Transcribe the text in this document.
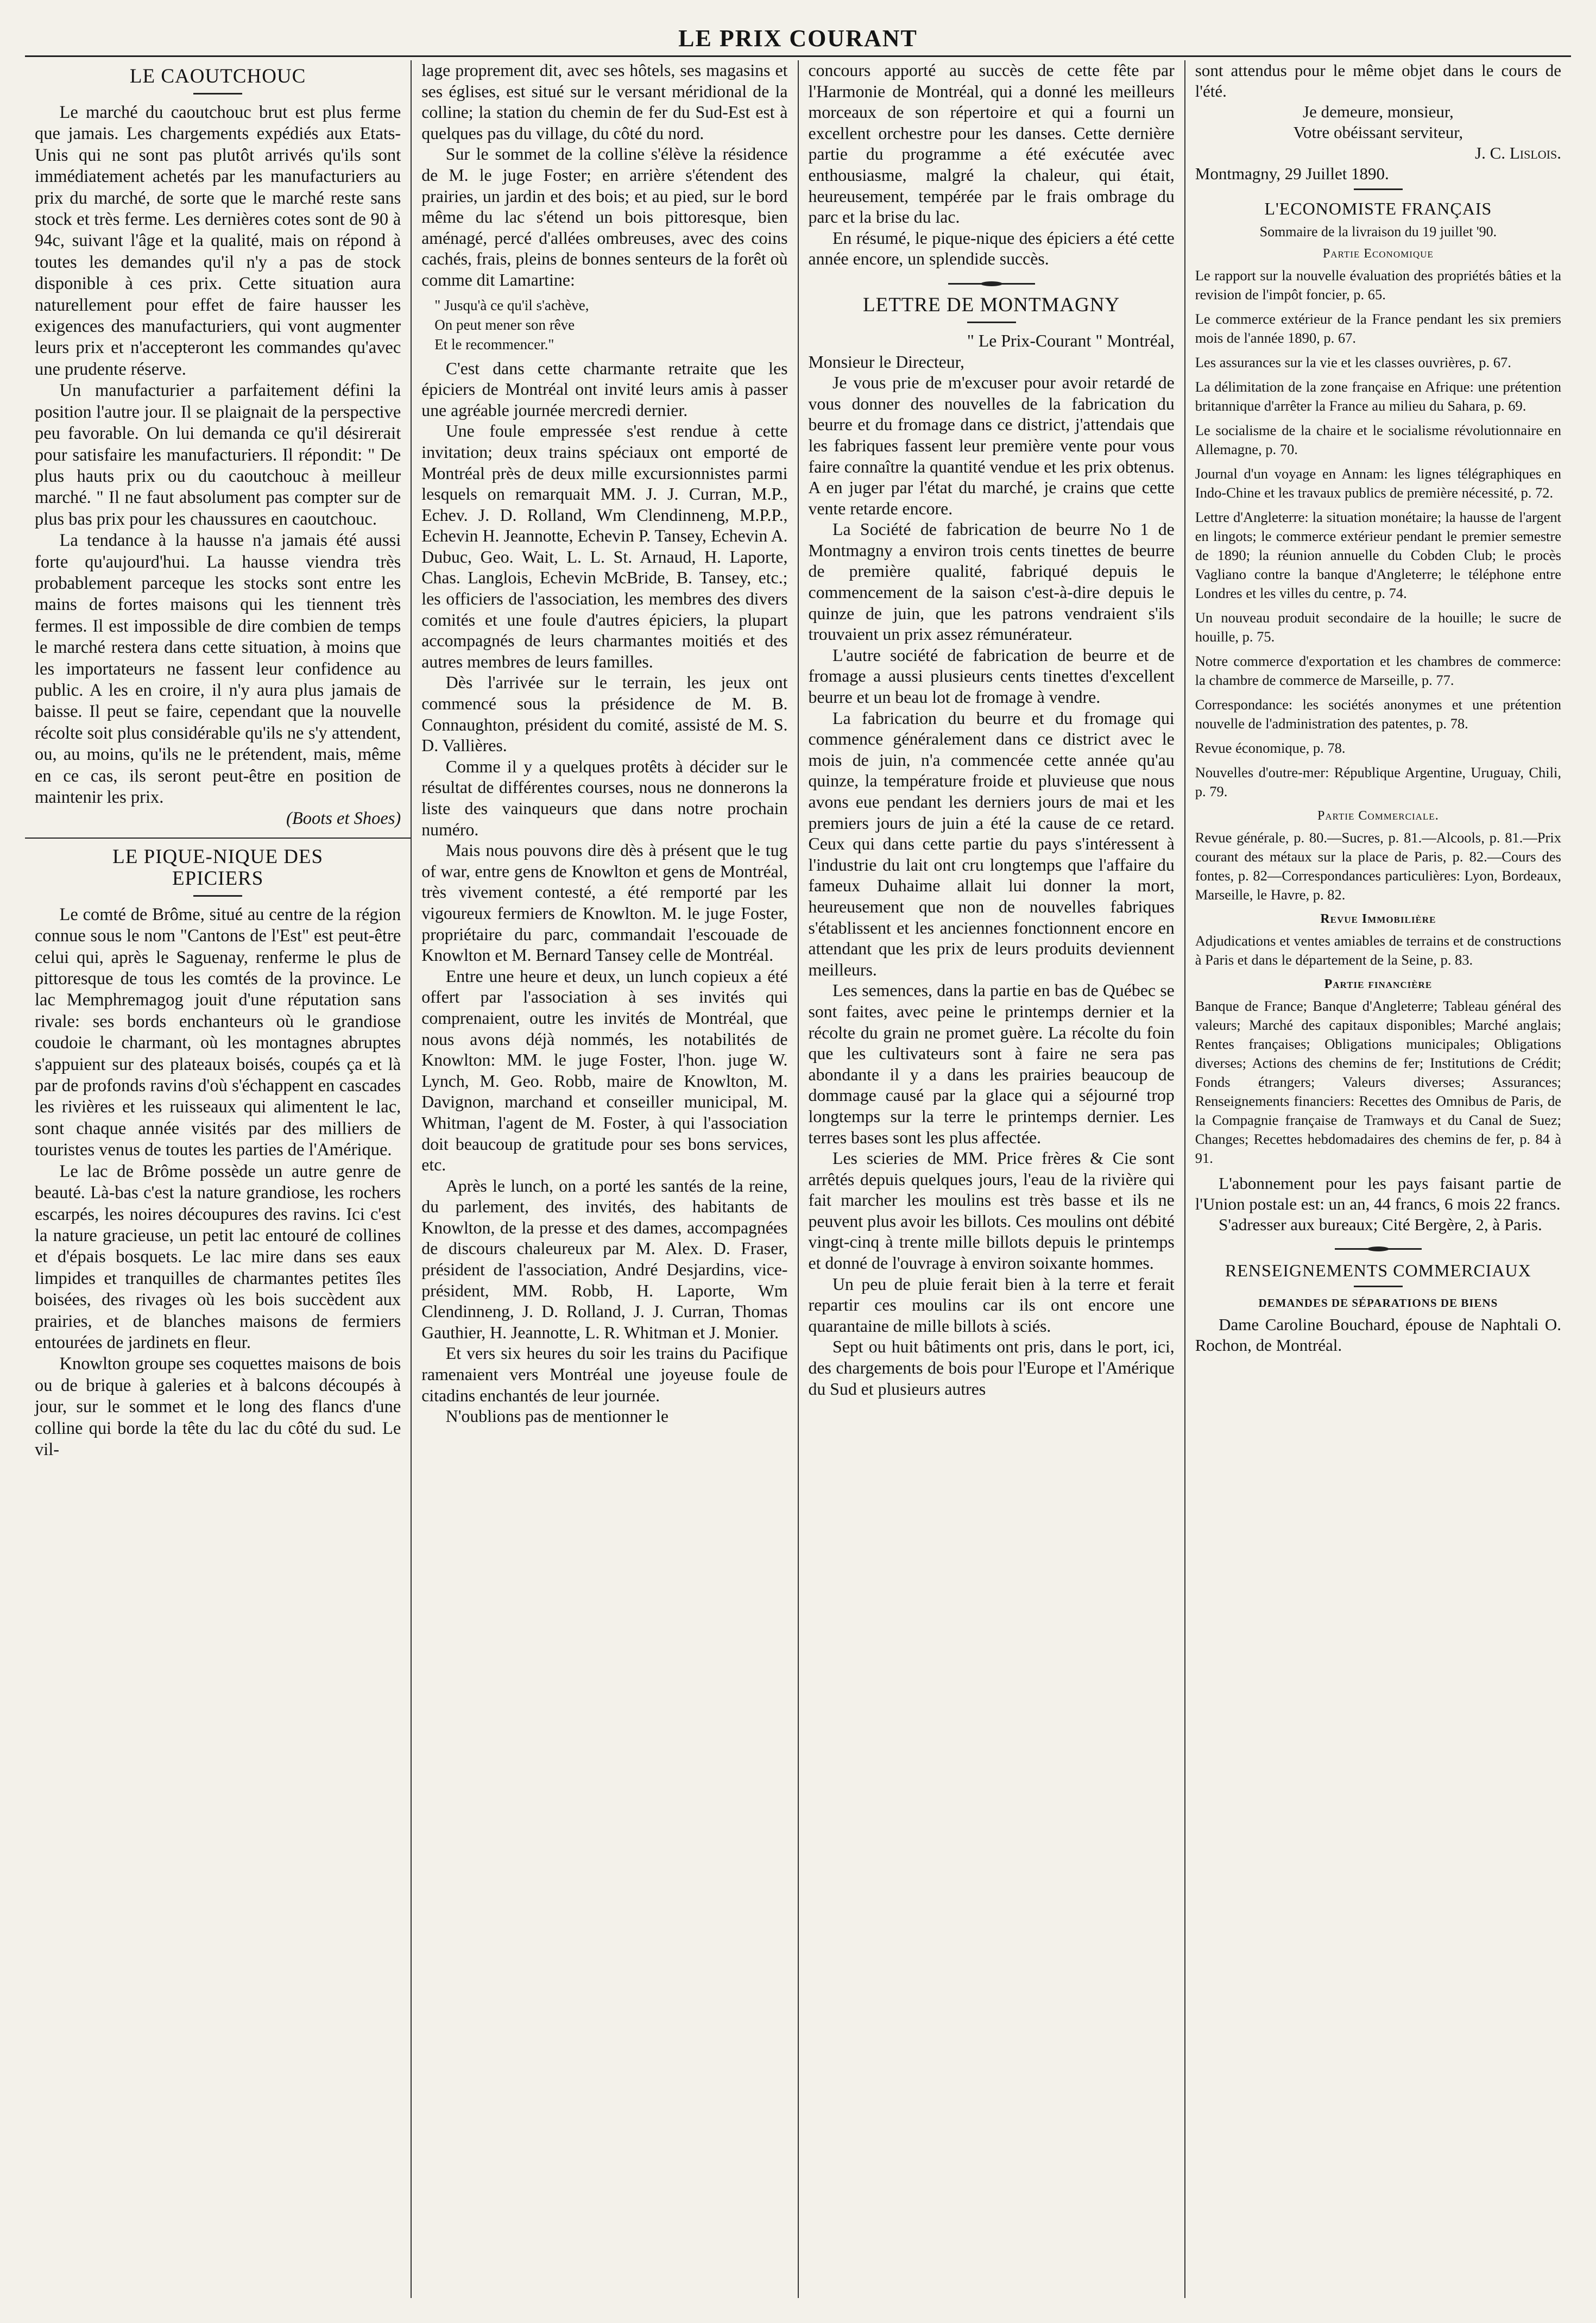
LE PRIX COURANT
LE CAOUTCHOUC

Le marché du caoutchouc brut est plus ferme que jamais. Les chargements expédiés aux Etats-Unis qui ne sont pas plutôt arrivés qu'ils sont immédiatement achetés par les manufacturiers au prix du marché, de sorte que le marché reste sans stock et très ferme. Les dernières cotes sont de 90 à 94c, suivant l'âge et la qualité, mais on répond à toutes les demandes qu'il n'y a pas de stock disponible à ces prix. Cette situation aura naturellement pour effet de faire hausser les exigences des manufacturiers, qui vont augmenter leurs prix et n'accepteront les commandes qu'avec une prudente réserve.

Un manufacturier a parfaitement défini la position l'autre jour. Il se plaignait de la perspective peu favorable. On lui demanda ce qu'il désirerait pour satisfaire les manufacturiers. Il répondit: " De plus hauts prix ou du caoutchouc à meilleur marché. " Il ne faut absolument pas compter sur de plus bas prix pour les chaussures en caoutchouc.

La tendance à la hausse n'a jamais été aussi forte qu'aujourd'hui. La hausse viendra très probablement parceque les stocks sont entre les mains de fortes maisons qui les tiennent très fermes. Il est impossible de dire combien de temps le marché restera dans cette situation, à moins que les importateurs ne fassent leur confidence au public. A les en croire, il n'y aura plus jamais de baisse. Il peut se faire, cependant que la nouvelle récolte soit plus considérable qu'ils ne s'y attendent, ou, au moins, qu'ils ne le prétendent, mais, même en ce cas, ils seront peut-être en position de maintenir les prix.

(Boots et Shoes)

LE PIQUE-NIQUE DES
EPICIERS

Le comté de Brôme, situé au centre de la région connue sous le nom "Cantons de l'Est" est peut-être celui qui, après le Saguenay, renferme le plus de pittoresque de tous les comtés de la province. Le lac Memphremagog jouit d'une réputation sans rivale: ses bords enchanteurs où le grandiose coudoie le charmant, où les montagnes abruptes s'appuient sur des plateaux boisés, coupés ça et là par de profonds ravins d'où s'échappent en cascades les rivières et les ruisseaux qui alimentent le lac, sont chaque année visités par des milliers de touristes venus de toutes les parties de l'Amérique.

Le lac de Brôme possède un autre genre de beauté. Là-bas c'est la nature grandiose, les rochers escarpés, les noires découpures des ravins. Ici c'est la nature gracieuse, un petit lac entouré de collines et d'épais bosquets. Le lac mire dans ses eaux limpides et tranquilles de charmantes petites îles boisées, des rivages où les bois succèdent aux prairies, et de blanches maisons de fermiers entourées de jardinets en fleur.

Knowlton groupe ses coquettes maisons de bois ou de brique à galeries et à balcons découpés à jour, sur le sommet et le long des flancs d'une colline qui borde la tête du lac du côté du sud. Le vil-

lage proprement dit, avec ses hôtels, ses magasins et ses églises, est situé sur le versant méridional de la colline; la station du chemin de fer du Sud-Est est à quelques pas du village, du côté du nord.

Sur le sommet de la colline s'élève la résidence de M. le juge Foster; en arrière s'étendent des prairies, un jardin et des bois; et au pied, sur le bord même du lac s'étend un bois pittoresque, bien aménagé, percé d'allées ombreuses, avec des coins cachés, frais, pleins de bonnes senteurs de la forêt où comme dit Lamartine:

" Jusqu'à ce qu'il s'achève,
On peut mener son rêve
Et le recommencer."

C'est dans cette charmante retraite que les épiciers de Montréal ont invité leurs amis à passer une agréable journée mercredi dernier.

Une foule empressée s'est rendue à cette invitation; deux trains spéciaux ont emporté de Montréal près de deux mille excursionnistes parmi lesquels on remarquait MM. J. J. Curran, M.P., Echev. J. D. Rolland, Wm Clendinneng, M.P.P., Echevin H. Jeannotte, Echevin P. Tansey, Echevin A. Dubuc, Geo. Wait, L. L. St. Arnaud, H. Laporte, Chas. Langlois, Echevin McBride, B. Tansey, etc.; les officiers de l'association, les membres des divers comités et une foule d'autres épiciers, la plupart accompagnés de leurs charmantes moitiés et des autres membres de leurs familles.

Dès l'arrivée sur le terrain, les jeux ont commencé sous la présidence de M. B. Connaughton, président du comité, assisté de M. S. D. Vallières.

Comme il y a quelques protêts à décider sur le résultat de différentes courses, nous ne donnerons la liste des vainqueurs que dans notre prochain numéro.

Mais nous pouvons dire dès à présent que le tug of war, entre gens de Knowlton et gens de Montréal, très vivement contesté, a été remporté par les vigoureux fermiers de Knowlton. M. le juge Foster, propriétaire du parc, commandait l'escouade de Knowlton et M. Bernard Tansey celle de Montréal.

Entre une heure et deux, un lunch copieux a été offert par l'association à ses invités qui comprenaient, outre les invités de Montréal, que nous avons déjà nommés, les notabilités de Knowlton: MM. le juge Foster, l'hon. juge W. Lynch, M. Geo. Robb, maire de Knowlton, M. Davignon, marchand et conseiller municipal, M. Whitman, l'agent de M. Foster, à qui l'association doit beaucoup de gratitude pour ses bons services, etc.

Après le lunch, on a porté les santés de la reine, du parlement, des invités, des habitants de Knowlton, de la presse et des dames, accompagnées de discours chaleureux par M. Alex. D. Fraser, président de l'association, André Desjardins, vice-président, MM. Robb, H. Laporte, Wm Clendinneng, J. D. Rolland, J. J. Curran, Thomas Gauthier, H. Jeannotte, L. R. Whitman et J. Monier.

Et vers six heures du soir les trains du Pacifique ramenaient vers Montréal une joyeuse foule de citadins enchantés de leur journée.

N'oublions pas de mentionner le

concours apporté au succès de cette fête par l'Harmonie de Montréal, qui a donné les meilleurs morceaux de son répertoire et qui a fourni un excellent orchestre pour les danses. Cette dernière partie du programme a été exécutée avec enthousiasme, malgré la chaleur, qui était, heureusement, tempérée par le frais ombrage du parc et la brise du lac.

En résumé, le pique-nique des épiciers a été cette année encore, un splendide succès.

LETTRE DE MONTMAGNY

" Le Prix-Courant " Montréal,

Monsieur le Directeur,

Je vous prie de m'excuser pour avoir retardé de vous donner des nouvelles de la fabrication du beurre et du fromage dans ce district, j'attendais que les fabriques fassent leur première vente pour vous faire connaître la quantité vendue et les prix obtenus. A en juger par l'état du marché, je crains que cette vente retarde encore.

La Société de fabrication de beurre No 1 de Montmagny a environ trois cents tinettes de beurre de première qualité, fabriqué depuis le commencement de la saison c'est-à-dire depuis le quinze de juin, que les patrons vendraient s'ils trouvaient un prix assez rémunérateur.

L'autre société de fabrication de beurre et de fromage a aussi plusieurs cents tinettes d'excellent beurre et un beau lot de fromage à vendre.

La fabrication du beurre et du fromage qui commence généralement dans ce district avec le mois de juin, n'a commencée cette année qu'au quinze, la température froide et pluvieuse que nous avons eue pendant les derniers jours de mai et les premiers jours de juin a été la cause de ce retard. Ceux qui dans cette partie du pays s'intéressent à l'industrie du lait ont cru longtemps que l'affaire du fameux Duhaime allait lui donner la mort, heureusement que non de nouvelles fabriques s'établissent et les anciennes fonctionnent encore en attendant que les prix de leurs produits deviennent meilleurs.

Les semences, dans la partie en bas de Québec se sont faites, avec peine le printemps dernier et la récolte du grain ne promet guère. La récolte du foin que les cultivateurs sont à faire ne sera pas abondante il y a dans les prairies beaucoup de dommage causé par la glace qui a séjourné trop longtemps sur la terre le printemps dernier. Les terres bases sont les plus affectée.

Les scieries de MM. Price frères & Cie sont arrêtés depuis quelques jours, l'eau de la rivière qui fait marcher les moulins est très basse et ils ne peuvent plus avoir les billots. Ces moulins ont débité vingt-cinq à trente mille billots depuis le printemps et donné de l'ouvrage à environ soixante hommes.

Un peu de pluie ferait bien à la terre et ferait repartir ces moulins car ils ont encore une quarantaine de mille billots à sciés.

Sept ou huit bâtiments ont pris, dans le port, ici, des chargements de bois pour l'Europe et l'Amérique du Sud et plusieurs autres

sont attendus pour le même objet dans le cours de l'été.

Je demeure, monsieur,

Votre obéissant serviteur,

J. C. Lislois.

Montmagny, 29 Juillet 1890.

L'ECONOMISTE FRANÇAIS

Sommaire de la livraison du 19 juillet '90.

Partie Economique

Le rapport sur la nouvelle évaluation des propriétés bâties et la revision de l'impôt foncier, p. 65.

Le commerce extérieur de la France pendant les six premiers mois de l'année 1890, p. 67.

Les assurances sur la vie et les classes ouvrières, p. 67.

La délimitation de la zone française en Afrique: une prétention britannique d'arrêter la France au milieu du Sahara, p. 69.

Le socialisme de la chaire et le socialisme révolutionnaire en Allemagne, p. 70.

Journal d'un voyage en Annam: les lignes télégraphiques en Indo-Chine et les travaux publics de première nécessité, p. 72.

Lettre d'Angleterre: la situation monétaire; la hausse de l'argent en lingots; le commerce extérieur pendant le premier semestre de 1890; la réunion annuelle du Cobden Club; le procès Vagliano contre la banque d'Angleterre; le téléphone entre Londres et les villes du centre, p. 74.

Un nouveau produit secondaire de la houille; le sucre de houille, p. 75.

Notre commerce d'exportation et les chambres de commerce: la chambre de commerce de Marseille, p. 77.

Correspondance: les sociétés anonymes et une prétention nouvelle de l'administration des patentes, p. 78.

Revue économique, p. 78.

Nouvelles d'outre-mer: République Argentine, Uruguay, Chili, p. 79.

Partie Commerciale.

Revue générale, p. 80.—Sucres, p. 81.—Alcools, p. 81.—Prix courant des métaux sur la place de Paris, p. 82.—Cours des fontes, p. 82—Correspondances particulières: Lyon, Bordeaux, Marseille, le Havre, p. 82.

Revue Immobilière

Adjudications et ventes amiables de terrains et de constructions à Paris et dans le département de la Seine, p. 83.

Partie financière

Banque de France; Banque d'Angleterre; Tableau général des valeurs; Marché des capitaux disponibles; Marché anglais; Rentes françaises; Obligations municipales; Obligations diverses; Actions des chemins de fer; Institutions de Crédit; Fonds étrangers; Valeurs diverses; Assurances; Renseignements financiers: Recettes des Omnibus de Paris, de la Compagnie française de Tramways et du Canal de Suez; Changes; Recettes hebdomadaires des chemins de fer, p. 84 à 91.

L'abonnement pour les pays faisant partie de l'Union postale est: un an, 44 francs, 6 mois 22 francs.

S'adresser aux bureaux; Cité Bergère, 2, à Paris.

RENSEIGNEMENTS COMMERCIAUX
DEMANDES DE SÉPARATIONS DE BIENS

Dame Caroline Bouchard, épouse de Naphtali O. Rochon, de Montréal.
